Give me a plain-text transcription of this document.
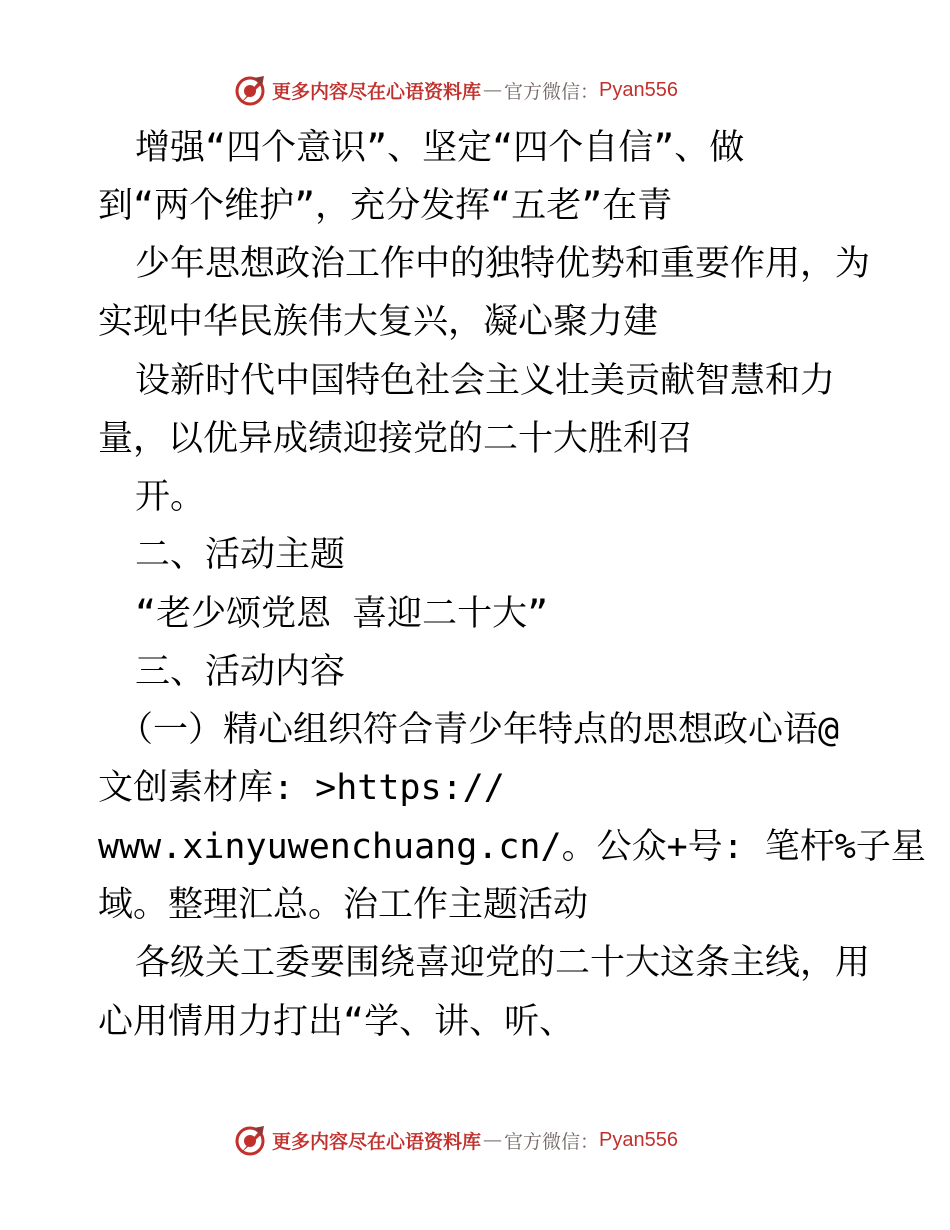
更多内容尽在心语资料库 — 官方微信： Pyan556
增强“四个意识”、坚定“四个自信”、做
到“两个维护”，充分发挥“五老”在青
少年思想政治工作中的独特优势和重要作用，为
实现中华民族伟大复兴，凝心聚力建
设新时代中国特色社会主义壮美贡献智慧和力
量，以优异成绩迎接党的二十大胜利召
开。
二、活动主题
“老少颂党恩 喜迎二十大”
三、活动内容
（一）精心组织符合青少年特点的思想政心语@
文创素材库: >https://
www.xinyuwenchuang.cn/。公众+号: 笔杆%子星
域。整理汇总。治工作主题活动
各级关工委要围绕喜迎党的二十大这条主线，用
心用情用力打出“学、讲、听、
更多内容尽在心语资料库 — 官方微信： Pyan556
